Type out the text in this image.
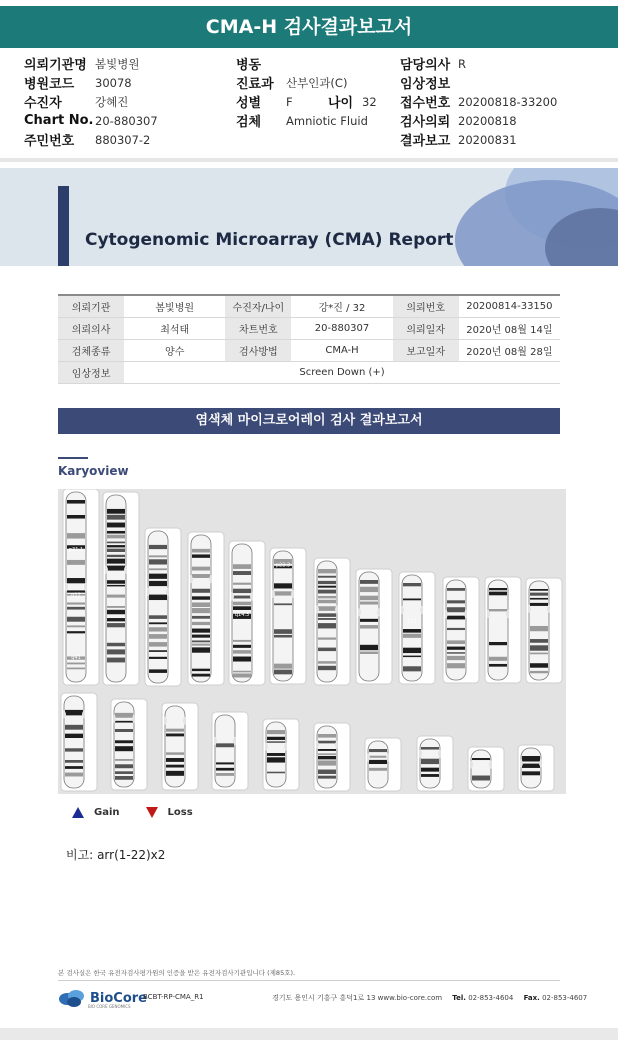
CMA-H 검사결과보고서
의뢰기관명 봄빛병원
병원코드	30078
수진자	강혜진
Chart No. 20-880307
주민번호	880307-2
병동
진료과	산부인과(C)
성별	F	나이 32
검체	Amniotic Fluid
담당의사 R
임상정보
접수번호 20200818-33200
검사의뢰 20200818
결과보고 20200831
Cytogenomic Microarray (CMA) Report
의뢰기관	봄빛병원	수진자/나이	강*진 / 32	의뢰번호	20200814-33150
의뢰의사	최석태	차트번호	20-880307	의뢰일자	2020년 08월 14일
검체종류	양수	검사방법	CMA-H	보고일자	2020년 08월 28일
임상정보	Screen Down (+)				
염색체 마이크로어레이 검사 결과보고서
Karyoview
p31.1
q12
q41
p22.3
q14.3
q11
Gain	Loss
비고: arr(1-22)x2
본 검사실은 한국 유전자검사평가원의 인증을 받은 유전자검사기관입니다 (제85호).
BioCore
BIO CORE GENOMICS
BCBT-RP-CMA_R1	경기도 용인시 기흥구 흥덕1로 13 www.bio-core.com Tel. 02-853-4604 Fax. 02-853-4607
